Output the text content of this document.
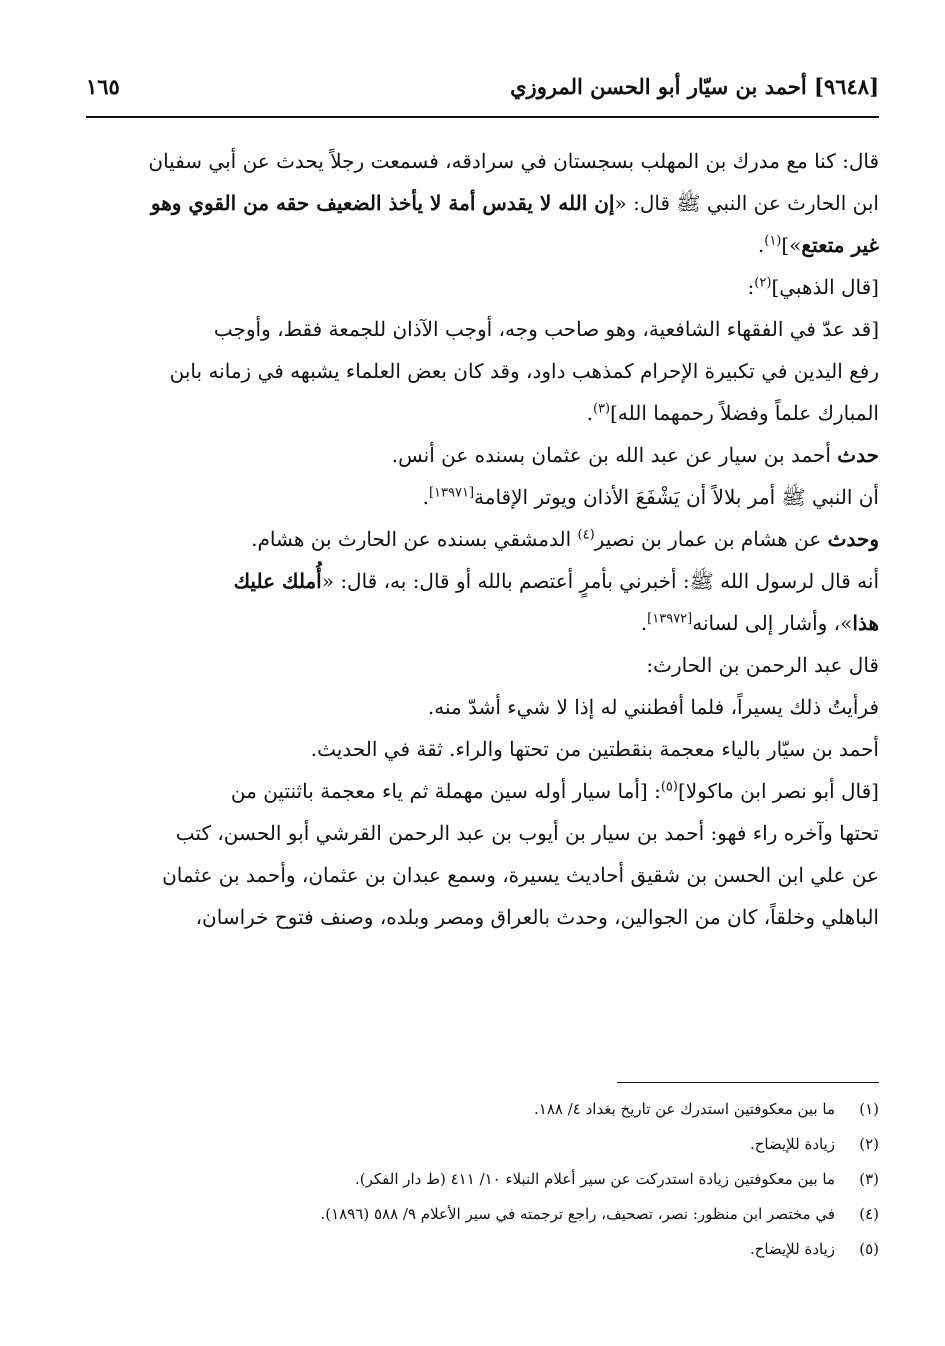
١٦٥	[٩٦٤٨] أحمد بن سيّار أبو الحسن المروزي
قال: كنا مع مدرك بن المهلب بسجستان في سرادقه، فسمعت رجلاً يحدث عن أبي سفيان
ابن الحارث عن النبي ﷺ قال: «إن الله لا يقدس أمة لا يأخذ الضعيف حقه من القوي وهو
غير متعتع»]$^{(١)}$.
[قال الذهبي]$^{(٢)}$:
[قد عدّ في الفقهاء الشافعية، وهو صاحب وجه، أوجب الآذان للجمعة فقط، وأوجب
رفع اليدين في تكبيرة الإحرام كمذهب داود، وقد كان بعض العلماء يشبهه في زمانه بابن
المبارك علماً وفضلاً رحمهما الله]$^{(٣)}$.
حدث أحمد بن سيار عن عبد الله بن عثمان بسنده عن أنس.
أن النبي ﷺ أمر بلالاً أن يَشْفَعَ الأذان ويوتر الإقامة[١٣٩٧١].
وحدث عن هشام بن عمار بن نصير$^{(٤)}$ الدمشقي بسنده عن الحارث بن هشام.
أنه قال لرسول الله ﷺ: أخبرني بأمرٍ أعتصم بالله أو قال: به، قال: «أُملك عليك
هذا»، وأشار إلى لسانه[١٣٩٧٢].
قال عبد الرحمن بن الحارث:
فرأيتُ ذلك يسيراً، فلما أفطنني له إذا لا شيء أشدّ منه.
أحمد بن سيّار بالياء معجمة بنقطتين من تحتها والراء. ثقة في الحديث.
[قال أبو نصر ابن ماكولا]$^{(٥)}$: [أما سيار أوله سين مهملة ثم ياء معجمة باثنتين من
تحتها وآخره راء فهو: أحمد بن سيار بن أيوب بن عبد الرحمن القرشي أبو الحسن، كتب
عن علي ابن الحسن بن شقيق أحاديث يسيرة، وسمع عبدان بن عثمان، وأحمد بن عثمان
الباهلي وخلقاً، كان من الجوالين، وحدث بالعراق ومصر وبلده، وصنف فتوح خراسان،
(١)
ما بين معكوفتين استدرك عن تاريخ بغداد ٤/ ١٨٨.
(٢)
زيادة للإيضاح.
(٣)
ما بين معكوفتين زيادة استدركت عن سير أعلام النبلاء ١٠/ ٤١١ (ط دار الفكر).
(٤)
في مختصر ابن منظور: نصر، تصحيف، راجع ترجمته في سير الأعلام ٩/ ٥٨٨ (١٨٩٦).
(٥)
زيادة للإيضاح.
